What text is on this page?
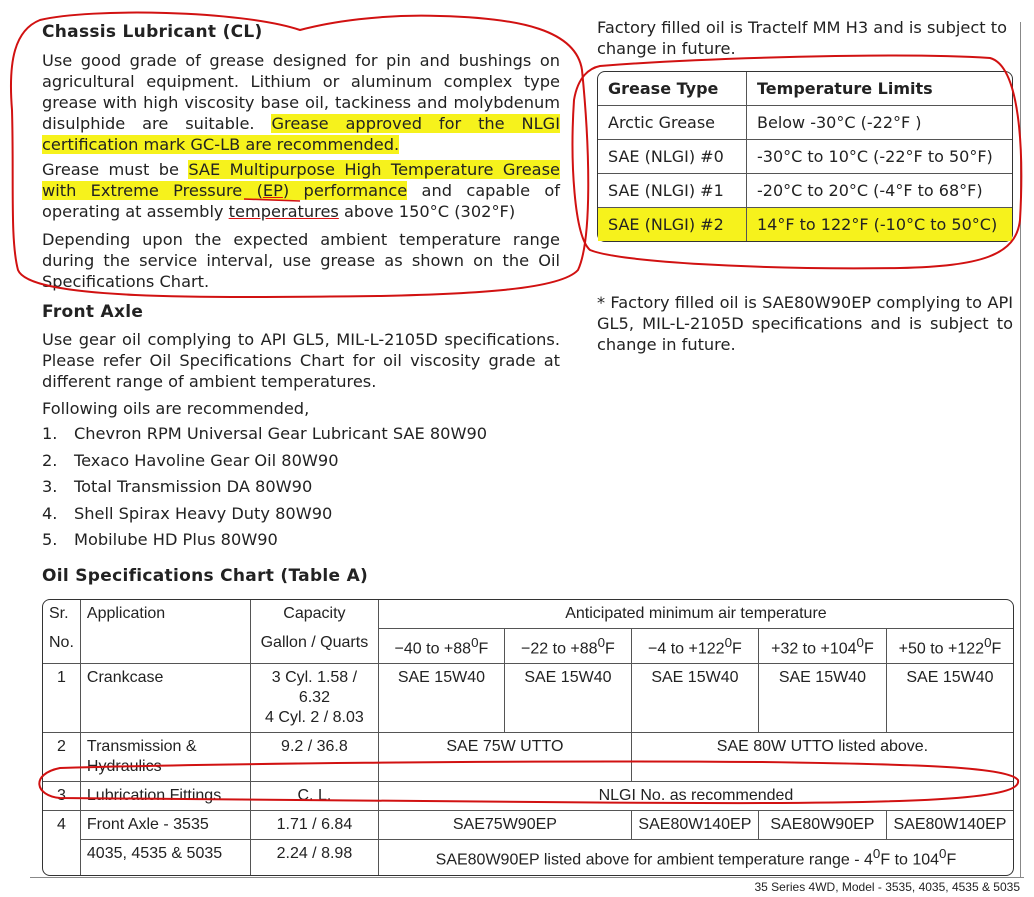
Chassis Lubricant (CL)
Use good grade of grease designed for pin and bushings on agricultural equipment. Lithium or aluminum complex type grease with high viscosity base oil, tackiness and molybdenum disulphide are suitable. Grease approved for the NLGI certification mark GC-LB are recommended.
Grease must be SAE Multipurpose High Temperature Grease with Extreme Pressure (EP) performance and capable of operating at assembly temperatures above 150°C (302°F)
Depending upon the expected ambient temperature range during the service interval, use grease as shown on the Oil Specifications Chart.
Front Axle
Use gear oil complying to API GL5, MIL-L-2105D specifications. Please refer Oil Specifications Chart for oil viscosity grade at different range of ambient temperatures.
Following oils are recommended,
1. Chevron RPM Universal Gear Lubricant SAE 80W90
2. Texaco Havoline Gear Oil 80W90
3. Total Transmission DA 80W90
4. Shell Spirax Heavy Duty 80W90
5. Mobilube HD Plus 80W90
Factory filled oil is Tractelf MM H3 and is subject to change in future.
Grease Type	Temperature Limits
Arctic Grease	Below -30°C (-22°F )
SAE (NLGI) #0	-30°C to 10°C (-22°F to 50°F)
SAE (NLGI) #1	-20°C to 20°C (-4°F to 68°F)
SAE (NLGI) #2	14°F to 122°F (-10°C to 50°C)
* Factory filled oil is SAE80W90EP complying to API GL5, MIL-L-2105D specifications and is subject to change in future.
Oil Specifications Chart (Table A)
Sr.	Application	Capacity	Anticipated minimum air temperature				
No.		Gallon / Quarts	−40 to $+88^0F$	−22 to $+88^0F$	−4 to $+122^0F$	+32 to $+104^0F$	+50 to $+122^0F$
1	Crankcase	3 Cyl. 1.58 / 6.32
4 Cyl. 2 / 8.03	SAE 15W40	SAE 15W40	SAE 15W40	SAE 15W40	SAE 15W40
2	Transmission & Hydraulics	9.2 / 36.8	SAE 75W UTTO		SAE 80W UTTO listed above.		
3	Lubrication Fittings	C. L.	NLGI No. as recommended				
4	Front Axle - 3535	1.71 / 6.84	SAE75W90EP		SAE80W140EP	SAE80W90EP	SAE80W140EP
	4035, 4535 & 5035	2.24 / 8.98	SAE80W90EP listed above for ambient temperature range - $4^0F$ to $104^0F$				
35 Series 4WD, Model - 3535, 4035, 4535 & 5035
